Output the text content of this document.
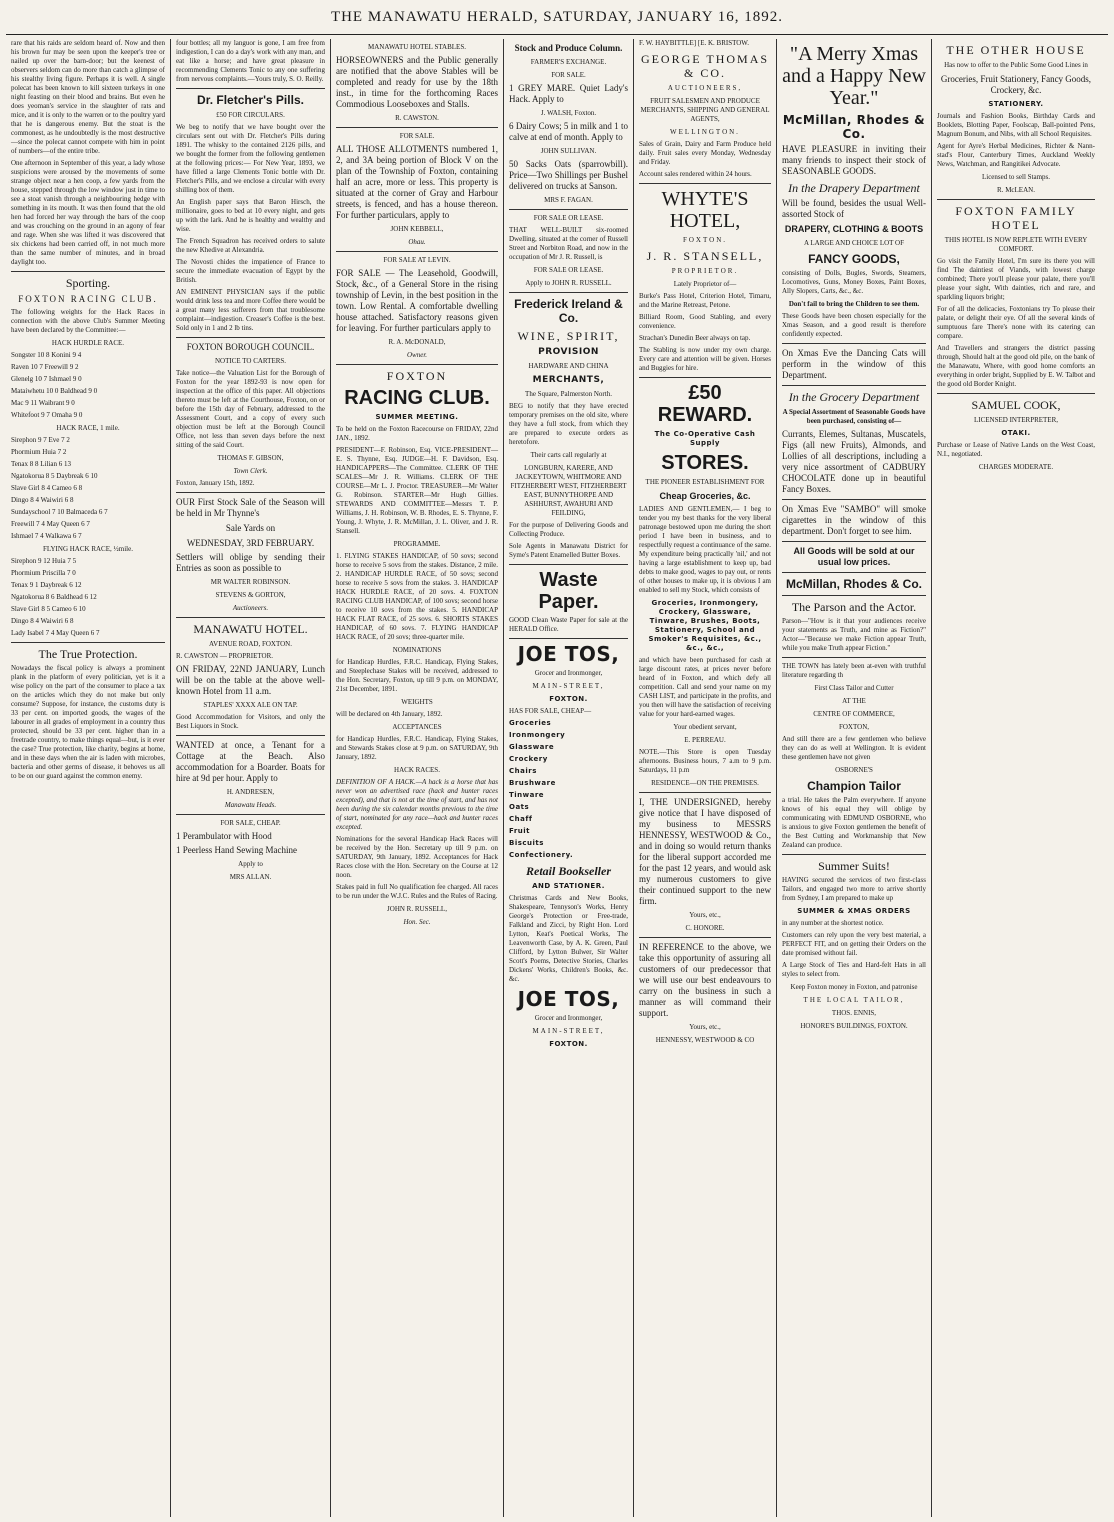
THE MANAWATU HERALD, SATURDAY, JANUARY 16, 1892.

rare that his raids are seldom heard of. Now and then his brown fur may be seen upon the keeper's tree or nailed up over the barn-door; but the keenest of observers seldom can do more than catch a glimpse of his stealthy living figure. Perhaps it is well. A single polecat has been known to kill sixteen turkeys in one night feasting on their blood and brains. But even he does yeoman's service in the slaughter of rats and mice, and it is only to the warren or to the poultry yard that he is dangerous enemy. But the stoat is the commonest, as he undoubtedly is the most destructive —since the polecat cannot compete with him in point of numbers—of the entire tribe.

One afternoon in September of this year, a lady whose suspicions were aroused by the movements of some strange object near a hen coop, a few yards from the house, stepped through the low window just in time to see a stoat vanish through a neighbouring hedge with something in its mouth. It was then found that the old hen had forced her way through the bars of the coop and was crouching on the ground in an agony of fear and rage. When she was lifted it was discovered that six chickens had been carried off, in not much more than the same number of minutes, and in broad daylight too.

Sporting.
FOXTON RACING CLUB.

The following weights for the Hack Races in connection with the above Club's Summer Meeting have been declared by the Committee:—

HACK HURDLE RACE.
Songster 10 8 Konini 9 4
Raven 10 7 Freewill 9 2
Glenelg 10 7 Ishmael 9 0
Mataiwhetu 10 0 Baldhead 9 0
Mac 9 11 Waibrant 9 0
Whitefoot 9 7 Omaha 9 0
HACK RACE, 1 mile.
Sirephon 9 7 Eve 7 2
Phormium Huia 7 2
Tenax 8 8 Lilian 6 13
Ngatokorua 8 5 Daybreak 6 10
Slave Girl 8 4 Cameo 6 8
Dingo 8 4 Waiwiri 6 8
Sundayschool 7 10 Balmaceda 6 7
Freewill 7 4 May Queen 6 7
Ishmael 7 4 Walkawa 6 7
FLYING HACK RACE, ½mile.
Sirephon 9 12 Huia 7 5
Phormium Priscilla 7 0
Tenax 9 1 Daybreak 6 12
Ngatokorua 8 6 Baldhead 6 12
Slave Girl 8 5 Cameo 6 10
Dingo 8 4 Waiwiri 6 8
Lady Isabel 7 4 May Queen 6 7
The True Protection.

Nowadays the fiscal policy is always a prominent plank in the platform of every politician, yet is it a wise policy on the part of the consumer to place a tax on the articles which they do not make but only consume? Suppose, for instance, the customs duty is 33 per cent. on imported goods, the wages of the labourer in all grades of employment in a country thus protected, should be 33 per cent. higher than in a freetrade country, to make things equal—but, is it ever the case? True protection, like charity, begins at home, and in these days when the air is laden with microbes, bacteria and other germs of disease, it behoves us all to be on our guard against the common enemy.

four bottles; all my languor is gone, I am free from indigestion, I can do a day's work with any man, and eat like a horse; and have great pleasure in recommending Clements Tonic to any one suffering from nervous complaints.—Yours truly, S. O. Reilly.

Dr. Fletcher's Pills.
£50 FOR CIRCULARS.

We beg to notify that we have bought over the circulars sent out with Dr. Fletcher's Pills during 1891. The whisky to the contained 2126 pills, and we bought the former from the following gentlemen at the following prices:— For New Year, 1893, we have filled a large Clements Tonic bottle with Dr. Fletcher's Pills, and we enclose a circular with every shilling box of them.

An English paper says that Baron Hirsch, the millionaire, goes to bed at 10 every night, and gets up with the lark. And he is healthy and wealthy and wise.

The French Squadron has received orders to salute the new Khedive at Alexandria.

The Novosti chides the impatience of France to secure the immediate evacuation of Egypt by the British.

AN EMINENT PHYSICIAN says if the public would drink less tea and more Coffee there would be a great many less sufferers from that troublesome complaint—indigestion. Creaser's Coffee is the best. Sold only in 1 and 2 lb tins.

FOXTON BOROUGH COUNCIL.
NOTICE TO CARTERS.

Take notice—the Valuation List for the Borough of Foxton for the year 1892-93 is now open for inspection at the office of this paper. All objections thereto must be left at the Courthouse, Foxton, on or before the 15th day of February, addressed to the Assessment Court, and a copy of every such objection must be left at the Borough Council Office, not less than seven days before the next sitting of the said Court.

THOMAS F. GIBSON,
Town Clerk.
Foxton, January 15th, 1892.

OUR First Stock Sale of the Season will be held in Mr Thynne's

Sale Yards on
WEDNESDAY, 3RD FEBRUARY.

Settlers will oblige by sending their Entries as soon as possible to

MR WALTER ROBINSON.
STEVENS & GORTON,
Auctioneers.
MANAWATU HOTEL.
AVENUE ROAD, FOXTON.
R. CAWSTON — PROPRIETOR.

ON FRIDAY, 22ND JANUARY, Lunch will be on the table at the above well-known Hotel from 11 a.m.

STAPLES' XXXX ALE ON TAP.

Good Accommodation for Visitors, and only the Best Liquors in Stock.

WANTED at once, a Tenant for a Cottage at the Beach. Also accommodation for a Boarder. Boats for hire at 9d per hour. Apply to

H. ANDRESEN,
Manawatu Heads.
FOR SALE, CHEAP.
1 Perambulator with Hood
1 Peerless Hand Sewing Machine
Apply to
MRS ALLAN.
MANAWATU HOTEL STABLES.

HORSEOWNERS and the Public generally are notified that the above Stables will be completed and ready for use by the 18th inst., in time for the forthcoming Races Commodious Looseboxes and Stalls.

R. CAWSTON.
FOR SALE.

ALL THOSE ALLOTMENTS numbered 1, 2, and 3A being portion of Block V on the plan of the Township of Foxton, containing half an acre, more or less. This property is situated at the corner of Gray and Harbour streets, is fenced, and has a house thereon. For further particulars, apply to

JOHN KEBBELL,
Ohau.
FOR SALE AT LEVIN.

FOR SALE — The Leasehold, Goodwill, Stock, &c., of a General Store in the rising township of Levin, in the best position in the town. Low Rental. A comfortable dwelling house attached. Satisfactory reasons given for leaving. For further particulars apply to

R. A. McDONALD,
Owner.
FOXTON
RACING CLUB.
SUMMER MEETING.

To be held on the Foxton Racecourse on FRIDAY, 22nd JAN., 1892.

PRESIDENT—F. Robinson, Esq. VICE-PRESIDENT—E. S. Thynne, Esq. JUDGE—H. F. Davidson, Esq. HANDICAPPERS—The Committee. CLERK OF THE SCALES—Mr J. R. Williams. CLERK OF THE COURSE—Mr L. J. Proctor. TREASURER—Mr Walter G. Robinson. STARTER—Mr Hugh Gillies. STEWARDS AND COMMITTEE—Messrs T. P. Williams, J. H. Robinson, W. B. Rhodes, E. S. Thynne, F. Young, J. Whyte, J. R. McMillan, J. L. Oliver, and J. R. Stansell.

PROGRAMME.

1. FLYING STAKES HANDICAP, of 50 sovs; second horse to receive 5 sovs from the stakes. Distance, 2 mile. 2. HANDICAP HURDLE RACE, of 50 sovs; second horse to receive 5 sovs from the stakes. 3. HANDICAP HACK HURDLE RACE, of 20 sovs. 4. FOXTON RACING CLUB HANDICAP, of 100 sovs; second horse to receive 10 sovs from the stakes. 5. HANDICAP HACK FLAT RACE, of 25 sovs. 6. SHORTS STAKES HANDICAP, of 60 sovs. 7. FLYING HANDICAP HACK RACE, of 20 sovs; three-quarter mile.

NOMINATIONS

for Handicap Hurdles, F.R.C. Handicap, Flying Stakes, and Steeplechase Stakes will be received, addressed to the Hon. Secretary, Foxton, up till 9 p.m. on MONDAY, 21st December, 1891.

WEIGHTS

will be declared on 4th January, 1892.

ACCEPTANCES

for Handicap Hurdles, F.R.C. Handicap, Flying Stakes, and Stewards Stakes close at 9 p.m. on SATURDAY, 9th January, 1892.

HACK RACES.

DEFINITION OF A HACK.—A hack is a horse that has never won an advertised race (hack and hunter races excepted), and that is not at the time of start, and has not been during the six calendar months previous to the time of start, nominated for any race—hack and hunter races excepted.

Nominations for the several Handicap Hack Races will be received by the Hon. Secretary up till 9 p.m. on SATURDAY, 9th January, 1892. Acceptances for Hack Races close with the Hon. Secretary on the Course at 12 noon.

Stakes paid in full No qualification fee charged. All races to be run under the W.J.C. Rules and the Rules of Racing.

JOHN R. RUSSELL,
Hon. Sec.
Stock and Produce Column.
FARMER'S EXCHANGE.
FOR SALE.

1 GREY MARE. Quiet Lady's Hack. Apply to

J. WALSH, Foxton.

6 Dairy Cows; 5 in milk and 1 to calve at end of month. Apply to

JOHN SULLIVAN.

50 Sacks Oats (sparrowbill). Price—Two Shillings per Bushel delivered on trucks at Sanson.

MRS F. FAGAN.
FOR SALE OR LEASE.

THAT WELL-BUILT six-roomed Dwelling, situated at the corner of Russell Street and Norbiton Road, and now in the occupation of Mr J. R. Russell, is

FOR SALE OR LEASE.
Apply to JOHN R. RUSSELL.
Frederick Ireland & Co.
WINE, SPIRIT,
PROVISION
HARDWARE AND CHINA
MERCHANTS,
The Square, Palmerston North.

BEG to notify that they have erected temporary premises on the old site, where they have a full stock, from which they are prepared to execute orders as heretofore.

Their carts call regularly at

LONGBURN, KARERE, AND JACKEYTOWN, WHITMORE AND FITZHERBERT WEST, FITZHERBERT EAST, BUNNYTHORPE AND ASHHURST, AWAHURI AND FEILDING,

For the purpose of Delivering Goods and Collecting Produce.

Sole Agents in Manawatu District for Syme's Patent Enamelled Butter Boxes.

Waste Paper.

GOOD Clean Waste Paper for sale at the HERALD Office.

JOE TOS,
Grocer and Ironmonger,
MAIN-STREET,
FOXTON.
HAS FOR SALE, CHEAP—
Groceries
Ironmongery
Glassware
Crockery
Chairs
Brushware
Tinware
Oats
Chaff
Fruit
Biscuits
Confectionery.
Retail Bookseller
AND STATIONER.

Christmas Cards and New Books, Shakespeare, Tennyson's Works, Henry George's Protection or Free-trade, Falkland and Zicci, by Right Hon. Lord Lytton, Keat's Poetical Works, The Leavenworth Case, by A. K. Green, Paul Clifford, by Lytton Bulwer, Sir Walter Scott's Poems, Detective Stories, Charles Dickens' Works, Children's Books, &c. &c.

JOE TOS,
Grocer and Ironmonger,
MAIN-STREET,
FOXTON.
F. W. HAYBITTLE] [E. K. BRISTOW.
GEORGE THOMAS & CO.
AUCTIONEERS,
FRUIT SALESMEN AND PRODUCE MERCHANTS, SHIPPING AND GENERAL AGENTS,
WELLINGTON.

Sales of Grain, Dairy and Farm Produce held daily. Fruit sales every Monday, Wednesday and Friday.

Account sales rendered within 24 hours.

WHYTE'S HOTEL,
FOXTON.
J. R. STANSELL,
PROPRIETOR.
Lately Proprietor of—

Burke's Pass Hotel, Criterion Hotel, Timaru, and the Marine Retreast, Petone.

Billiard Room, Good Stabling, and every convenience.

Strachan's Dunedin Beer always on tap.

The Stabling is now under my own charge. Every care and attention will be given. Horses and Buggies for hire.

£50 REWARD.
The Co-Operative Cash Supply
STORES.
THE PIONEER ESTABLISHMENT FOR
Cheap Groceries, &c.

LADIES AND GENTLEMEN,— I beg to tender you my best thanks for the very liberal patronage bestowed upon me during the short period I have been in business, and to respectfully request a continuance of the same. My expenditure being practically 'nil,' and not having a large establishment to keep up, bad debts to make good, wages to pay out, or rents of other houses to make up, it is obvious I am enabled to sell my Stock, which consists of

Groceries, Ironmongery, Crockery, Glassware, Tinware, Brushes, Boots, Stationery, School and Smoker's Requisites, &c., &c., &c.,

and which have been purchased for cash at large discount rates, at prices never before heard of in Foxton, and which defy all competition. Call and send your name on my CASH LIST, and participate in the profits, and you then will have the satisfaction of receiving value for your hard-earned wages.

Your obedient servant,
E. PERREAU.

NOTE.—This Store is open Tuesday afternoons. Business hours, 7 a.m to 9 p.m. Saturdays, 11 p.m

RESIDENCE—ON THE PREMISES.

I, THE UNDERSIGNED, hereby give notice that I have disposed of my business to MESSRS HENNESSY, WESTWOOD & Co., and in doing so would return thanks for the liberal support accorded me for the past 12 years, and would ask my numerous customers to give their continued support to the new firm.

Yours, etc.,
C. HONORE.

IN REFERENCE to the above, we take this opportunity of assuring all customers of our predecessor that we will use our best endeavours to carry on the business in such a manner as will command their support.

Yours, etc.,
HENNESSY, WESTWOOD & CO
"A Merry Xmas and a Happy New Year."
McMillan, Rhodes & Co.

HAVE PLEASURE in inviting their many friends to inspect their stock of SEASONABLE GOODS.

In the Drapery Department
Will be found, besides the usual Well-assorted Stock of
DRAPERY, CLOTHING & BOOTS
A LARGE AND CHOICE LOT OF
FANCY GOODS,

consisting of Dolls, Bugles, Swords, Steamers, Locomotives, Guns, Money Boxes, Paint Boxes, Ally Slopers, Carts, &c., &c.

Don't fail to bring the Children to see them.

These Goods have been chosen especially for the Xmas Season, and a good result is therefore confidently expected.

On Xmas Eve the Dancing Cats will perform in the window of this Department.

In the Grocery Department
A Special Assortment of Seasonable Goods have been purchased, consisting of—

Currants, Elemes, Sultanas, Muscatels, Figs (all new Fruits), Almonds, and Lollies of all descriptions, including a very nice assortment of CADBURY CHOCOLATE done up in beautiful Fancy Boxes.

On Xmas Eve "SAMBO" will smoke cigarettes in the window of this department. Don't forget to see him.

All Goods will be sold at our usual low prices.
McMillan, Rhodes & Co.
The Parson and the Actor.

Parson—"How is it that your audiences receive your statements as Truth, and mine as Fiction?" Actor—"Because we make Fiction appear Truth, while you make Truth appear Fiction."

THE TOWN has lately been at-even with truthful literature regarding th

First Class Tailor and Cutter
AT THE
CENTRE OF COMMERCE,
FOXTON,

And still there are a few gentlemen who believe they can do as well at Wellington. It is evident these gentlemen have not given

OSBORNE'S
Champion Tailor

a trial. He takes the Palm everywhere. If anyone knows of his equal they will oblige by communicating with EDMUND OSBORNE, who is anxious to give Foxton gentlemen the benefit of the Best Cutting and Workmanship that New Zealand can produce.

Summer Suits!

HAVING secured the services of two first-class Tailors, and engaged two more to arrive shortly from Sydney, I am prepared to make up

SUMMER & XMAS ORDERS
in any number at the shortest notice.

Customers can rely upon the very best material, a PERFECT FIT, and on getting their Orders on the date promised without fail.

A Large Stock of Ties and Hard-felt Hats in all styles to select from.

Keep Foxton money in Foxton, and patronise
THE LOCAL TAILOR,
THOS. ENNIS,
HONORE'S BUILDINGS, FOXTON.
THE OTHER HOUSE
Has now to offer to the Public Some Good Lines in
Groceries, Fruit Stationery, Fancy Goods, Crockery, &c.
STATIONERY.

Journals and Fashion Books, Birthday Cards and Booklets, Blotting Paper, Foolscap, Ball-pointed Pens, Magnum Bonum, and Nibs, with all School Requisites.

Agent for Ayre's Herbal Medicines, Richter & Nann-stad's Flour, Canterbury Times, Auckland Weekly News, Watchman, and Rangitikei Advocate.

Licensed to sell Stamps.
R. McLEAN.
FOXTON FAMILY HOTEL
THIS HOTEL IS NOW REPLETE WITH EVERY COMFORT.

Go visit the Family Hotel, I'm sure its there you will find The daintiest of Viands, with lowest charge combined; There you'll please your palate, there you'll please your sight, With dainties, rich and rare, and sparkling liquors bright;

For of all the delicacies, Foxtonians try To please their palate, or delight their eye. Of all the several kinds of sumptuous fare There's none with its catering can compare.

And Travellers and strangers the district passing through, Should halt at the good old pile, on the bank of the Manawatu, Where, with good home comforts an everything in order bright, Supplied by E. W. Talbot and the good old Border Knight.

SAMUEL COOK,
LICENSED INTERPRETER,
OTAKI.

Purchase or Lease of Native Lands on the West Coast, N.I., negotiated.

CHARGES MODERATE.
